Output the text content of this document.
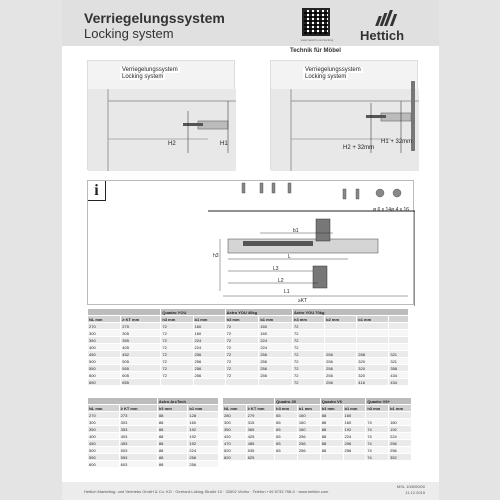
Verriegelungssystem
Locking system	www.hettich.com/locking	Hettich
Technik für Möbel
Verriegelungssystem
Locking system
H2	H1
Verriegelungssystem
Locking system
H2 + 32mm
H1 + 32mm
i
ø 6 x 14 ø 4 x 16
h3
b1
L
L3
L2
L1
≥KT
		Quadro YOU		Actro YOU 40kg		Actro YOU 70kg			
NL mm	≥ KT mm	h3 mm	b1 mm	h3 mm	b1 mm	h3 mm	b2 mm	b1 mm	
270	275	72	160	72	160	72			
300	305	72	160	72	160	72			
350	355	72	224	72	224	72			
400	405	72	224	72	224	72			
450	452	72	256	72	256	72	256	288	321
500	505	72	256	72	256	72	256	320	321
550	555	72	256	72	256	72	256	320	358
600	605	72	256	72	256	72	256	320	434
650	655					72	256	416	434
		Actro ArcTech	
NL mm	≥ KT mm	h3 mm	b1 mm
270	273	88	128
300	303	88	160
350	353	88	192
400	403	88	192
450	453	88	192
500	503	88	224
550	553	88	256
600	603	88	256
		Quadro 25		Quadro V6		Quadro V6+	
NL mm	≥ KT mm	h3 mm	b1 mm	h3 mm	b1 mm	h3 mm	b1 mm
280	279	65	160	88	160		
300	315	65	160	88	160	74	160
350	365	65	160	88	192	74	192
420	425	65	256	88	224	74	224
470	485	65	256	88	256	74	256
520	535	65	256	88	256	74	256
820	825					74	352
Hettich Marketing- und Vertriebs GmbH & Co. KG · Gerhard-Lüking-Straße 10 · 32602 Vlotho · Telefon +49 5733 798-0 · www.hettich.com
MSL 10/8/00/00
11.12.2015
